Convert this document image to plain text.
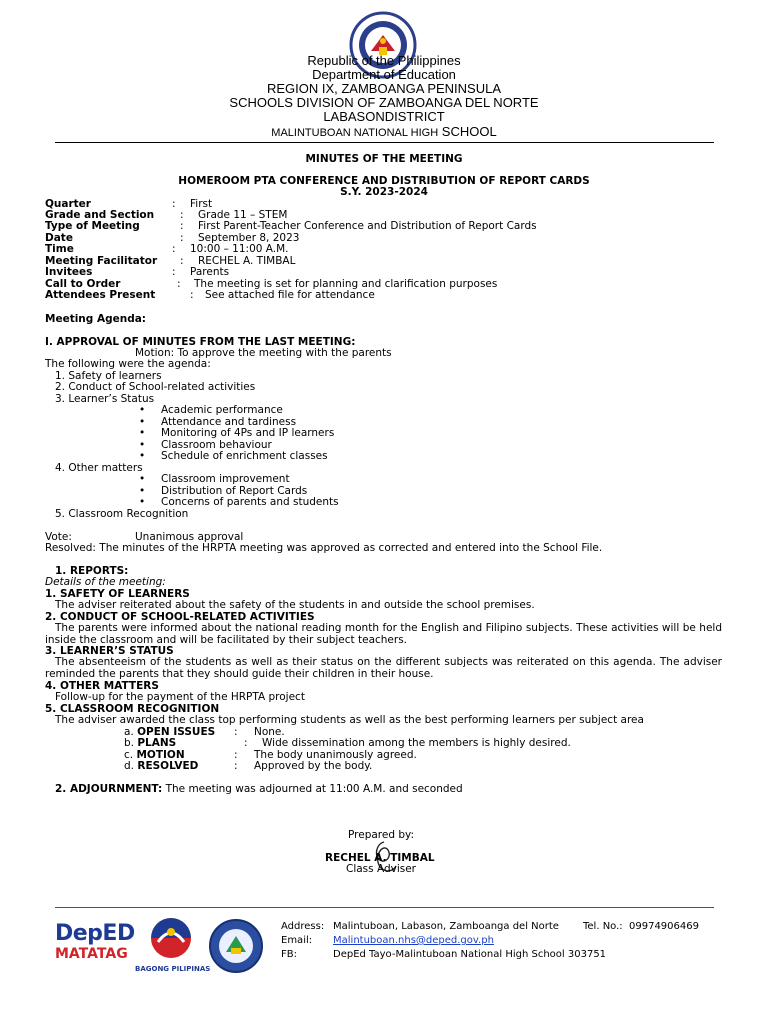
Republic of the Philippines
Department of Education
REGION IX, ZAMBOANGA PENINSULA
SCHOOLS DIVISION OF ZAMBOANGA DEL NORTE
LABASONDISTRICT
MALINTUBOAN NATIONAL HIGH SCHOOL
MINUTES OF THE MEETING
HOMEROOM PTA CONFERENCE AND DISTRIBUTION OF REPORT CARDS
S.Y. 2023-2024
Quarter	: First
Grade and Section : Grade 11 – STEM
Type of Meeting	: First Parent-Teacher Conference and Distribution of Report Cards
Date	: September 8, 2023
Time	: 10:00 – 11:00 A.M.
Meeting Facilitator : RECHEL A. TIMBAL
Invitees	: Parents
Call to Order	: The meeting is set for planning and clarification purposes
Attendees Present	: See attached file for attendance
Meeting Agenda:
I. APPROVAL OF MINUTES FROM THE LAST MEETING:
Motion: To approve the meeting with the parents
The following were the agenda:
1. Safety of learners
2. Conduct of School-related activities
3. Learner’s Status
• Academic performance
• Attendance and tardiness
• Monitoring of 4Ps and IP learners
• Classroom behaviour
• Schedule of enrichment classes
4. Other matters
• Classroom improvement
• Distribution of Report Cards
• Concerns of parents and students
5. Classroom Recognition
Vote:	Unanimous approval
Resolved: The minutes of the HRPTA meeting was approved as corrected and entered into the School File.
1. REPORTS:
Details of the meeting:
1. SAFETY OF LEARNERS
The adviser reiterated about the safety of the students in and outside the school premises.
2. CONDUCT OF SCHOOL-RELATED ACTIVITIES
The parents were informed about the national reading month for the English and Filipino subjects. These activities will be held inside the classroom and will be facilitated by their subject teachers.
3. LEARNER’S STATUS
The absenteeism of the students as well as their status on the different subjects was reiterated on this agenda. The adviser reminded the parents that they should guide their children in their house.
4. OTHER MATTERS
Follow-up for the payment of the HRPTA project
5. CLASSROOM RECOGNITION
The adviser awarded the class top performing students as well as the best performing learners per subject area
a. OPEN ISSUES : None.
b. PLANS	: Wide dissemination among the members is highly desired.
c. MOTION	: The body unanimously agreed.
d. RESOLVED	: Approved by the body.
2. ADJOURNMENT: The meeting was adjourned at 11:00 A.M. and seconded
Prepared by:
RECHEL A. TIMBAL
Class Adviser
DepED
MATATAG
BAGONG PILIPINAS
Address: Malintuboan, Labason, Zamboanga del Norte Tel. No.: 09974906469
Email: Malintuboan.nhs@deped.gov.ph
FB:	DepEd Tayo-Malintuboan National High School 303751
